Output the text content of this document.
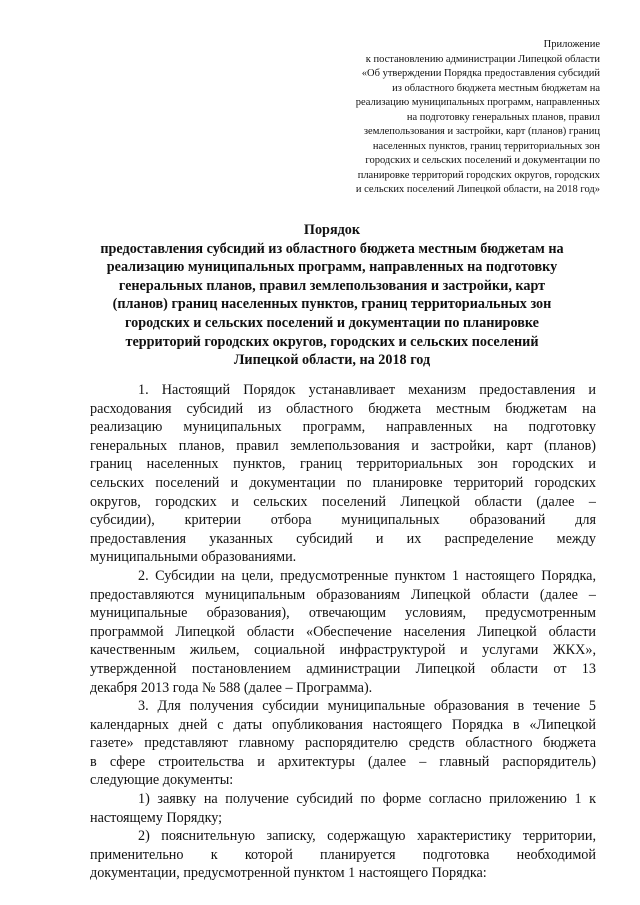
Приложение
к постановлению администрации Липецкой области
«Об утверждении Порядка предоставления субсидий
из областного бюджета местным бюджетам на
реализацию муниципальных программ, направленных
на подготовку генеральных планов, правил
землепользования и застройки, карт (планов) границ
населенных пунктов, границ территориальных зон
городских и сельских поселений и документации по
планировке территорий городских округов, городских
и сельских поселений Липецкой области, на 2018 год»
Порядок
предоставления субсидий из областного бюджета местным бюджетам на
реализацию муниципальных программ, направленных на подготовку
генеральных планов, правил землепользования и застройки, карт
(планов) границ населенных пунктов, границ территориальных зон
городских и сельских поселений и документации по планировке
территорий городских округов, городских и сельских поселений
Липецкой области, на 2018 год
1. Настоящий Порядок устанавливает механизм предоставления и
расходования субсидий из областного бюджета местным бюджетам на
реализацию муниципальных программ, направленных на подготовку
генеральных планов, правил землепользования и застройки, карт (планов)
границ населенных пунктов, границ территориальных зон городских и
сельских поселений и документации по планировке территорий городских
округов, городских и сельских поселений Липецкой области (далее –
субсидии), критерии отбора муниципальных образований для
предоставления указанных субсидий и их распределение между
муниципальными образованиями.
2. Субсидии на цели, предусмотренные пунктом 1 настоящего Порядка,
предоставляются муниципальным образованиям Липецкой области (далее –
муниципальные образования), отвечающим условиям, предусмотренным
программой Липецкой области «Обеспечение населения Липецкой области
качественным жильем, социальной инфраструктурой и услугами ЖКХ»,
утвержденной постановлением администрации Липецкой области от 13
декабря 2013 года № 588 (далее – Программа).
3. Для получения субсидии муниципальные образования в течение 5
календарных дней с даты опубликования настоящего Порядка в «Липецкой
газете» представляют главному распорядителю средств областного бюджета
в сфере строительства и архитектуры (далее – главный распорядитель)
следующие документы:
1) заявку на получение субсидий по форме согласно приложению 1 к
настоящему Порядку;
2) пояснительную записку, содержащую характеристику территории,
применительно к которой планируется подготовка необходимой
документации, предусмотренной пунктом 1 настоящего Порядка:
